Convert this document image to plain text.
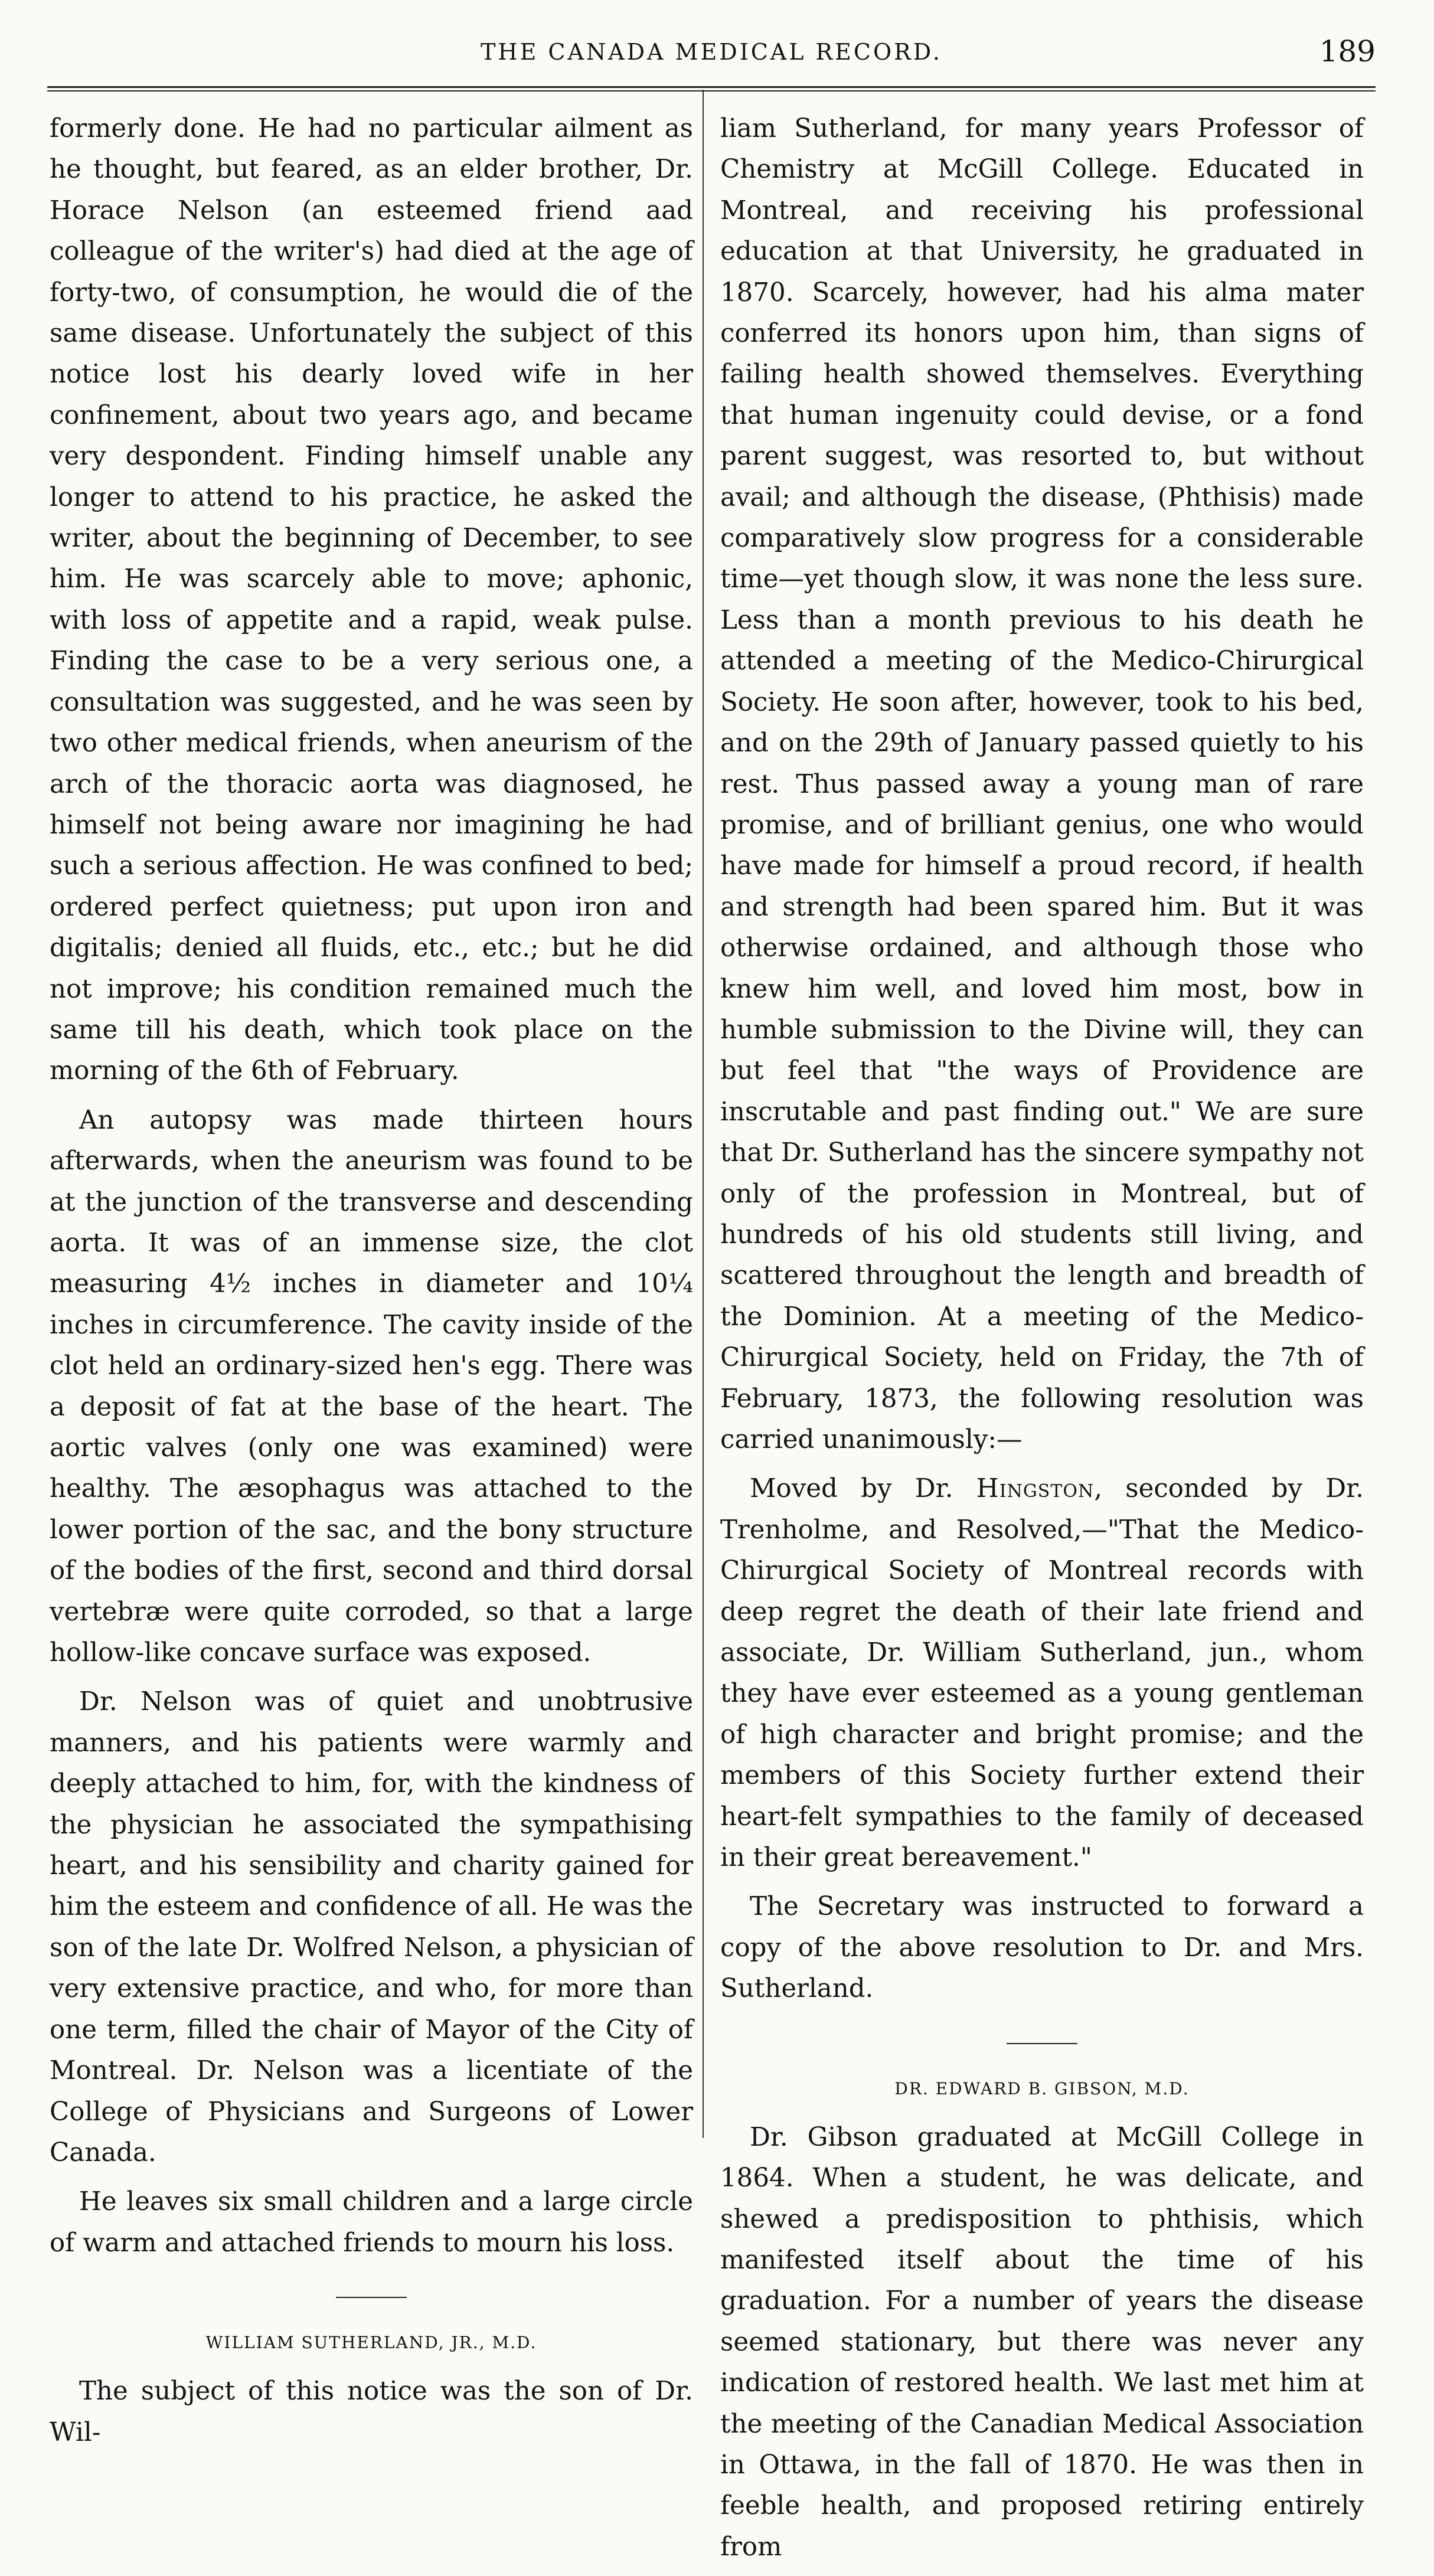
THE CANADA MEDICAL RECORD.	189

formerly done. He had no particular ailment as he thought, but feared, as an elder brother, Dr. Horace Nelson (an esteemed friend aad colleague of the writer's) had died at the age of forty-two, of consumption, he would die of the same disease. Unfortunately the subject of this notice lost his dearly loved wife in her confinement, about two years ago, and became very despondent. Finding himself unable any longer to attend to his practice, he asked the writer, about the beginning of December, to see him. He was scarcely able to move; aphonic, with loss of appetite and a rapid, weak pulse. Finding the case to be a very serious one, a consultation was suggested, and he was seen by two other medical friends, when aneurism of the arch of the thoracic aorta was diagnosed, he himself not being aware nor imagining he had such a serious affection. He was confined to bed; ordered perfect quietness; put upon iron and digitalis; denied all fluids, etc., etc.; but he did not improve; his condition remained much the same till his death, which took place on the morning of the 6th of February.

An autopsy was made thirteen hours afterwards, when the aneurism was found to be at the junction of the transverse and descending aorta. It was of an immense size, the clot measuring 4½ inches in diameter and 10¼ inches in circumference. The cavity inside of the clot held an ordinary-sized hen's egg. There was a deposit of fat at the base of the heart. The aortic valves (only one was examined) were healthy. The æsophagus was attached to the lower portion of the sac, and the bony structure of the bodies of the first, second and third dorsal vertebræ were quite corroded, so that a large hollow-like concave surface was exposed.

Dr. Nelson was of quiet and unobtrusive manners, and his patients were warmly and deeply attached to him, for, with the kindness of the physician he associated the sympathising heart, and his sensibility and charity gained for him the esteem and confidence of all. He was the son of the late Dr. Wolfred Nelson, a physician of very extensive practice, and who, for more than one term, filled the chair of Mayor of the City of Montreal. Dr. Nelson was a licentiate of the College of Physicians and Surgeons of Lower Canada.

He leaves six small children and a large circle of warm and attached friends to mourn his loss.

WILLIAM SUTHERLAND, JR., M.D.

The subject of this notice was the son of Dr. Wil-

liam Sutherland, for many years Professor of Chemistry at McGill College. Educated in Montreal, and receiving his professional education at that University, he graduated in 1870. Scarcely, however, had his alma mater conferred its honors upon him, than signs of failing health showed themselves. Everything that human ingenuity could devise, or a fond parent suggest, was resorted to, but without avail; and although the disease, (Phthisis) made comparatively slow progress for a considerable time—yet though slow, it was none the less sure. Less than a month previous to his death he attended a meeting of the Medico-Chirurgical Society. He soon after, however, took to his bed, and on the 29th of January passed quietly to his rest. Thus passed away a young man of rare promise, and of brilliant genius, one who would have made for himself a proud record, if health and strength had been spared him. But it was otherwise ordained, and although those who knew him well, and loved him most, bow in humble submission to the Divine will, they can but feel that "the ways of Providence are inscrutable and past finding out." We are sure that Dr. Sutherland has the sincere sympathy not only of the profession in Montreal, but of hundreds of his old students still living, and scattered throughout the length and breadth of the Dominion. At a meeting of the Medico-Chirurgical Society, held on Friday, the 7th of February, 1873, the following resolution was carried unanimously:—

Moved by Dr. Hingston, seconded by Dr. Trenholme, and Resolved,—"That the Medico-Chirurgical Society of Montreal records with deep regret the death of their late friend and associate, Dr. William Sutherland, jun., whom they have ever esteemed as a young gentleman of high character and bright promise; and the members of this Society further extend their heart-felt sympathies to the family of deceased in their great bereavement."

The Secretary was instructed to forward a copy of the above resolution to Dr. and Mrs. Sutherland.

DR. EDWARD B. GIBSON, M.D.

Dr. Gibson graduated at McGill College in 1864. When a student, he was delicate, and shewed a predisposition to phthisis, which manifested itself about the time of his graduation. For a number of years the disease seemed stationary, but there was never any indication of restored health. We last met him at the meeting of the Canadian Medical Association in Ottawa, in the fall of 1870. He was then in feeble health, and proposed retiring entirely from
